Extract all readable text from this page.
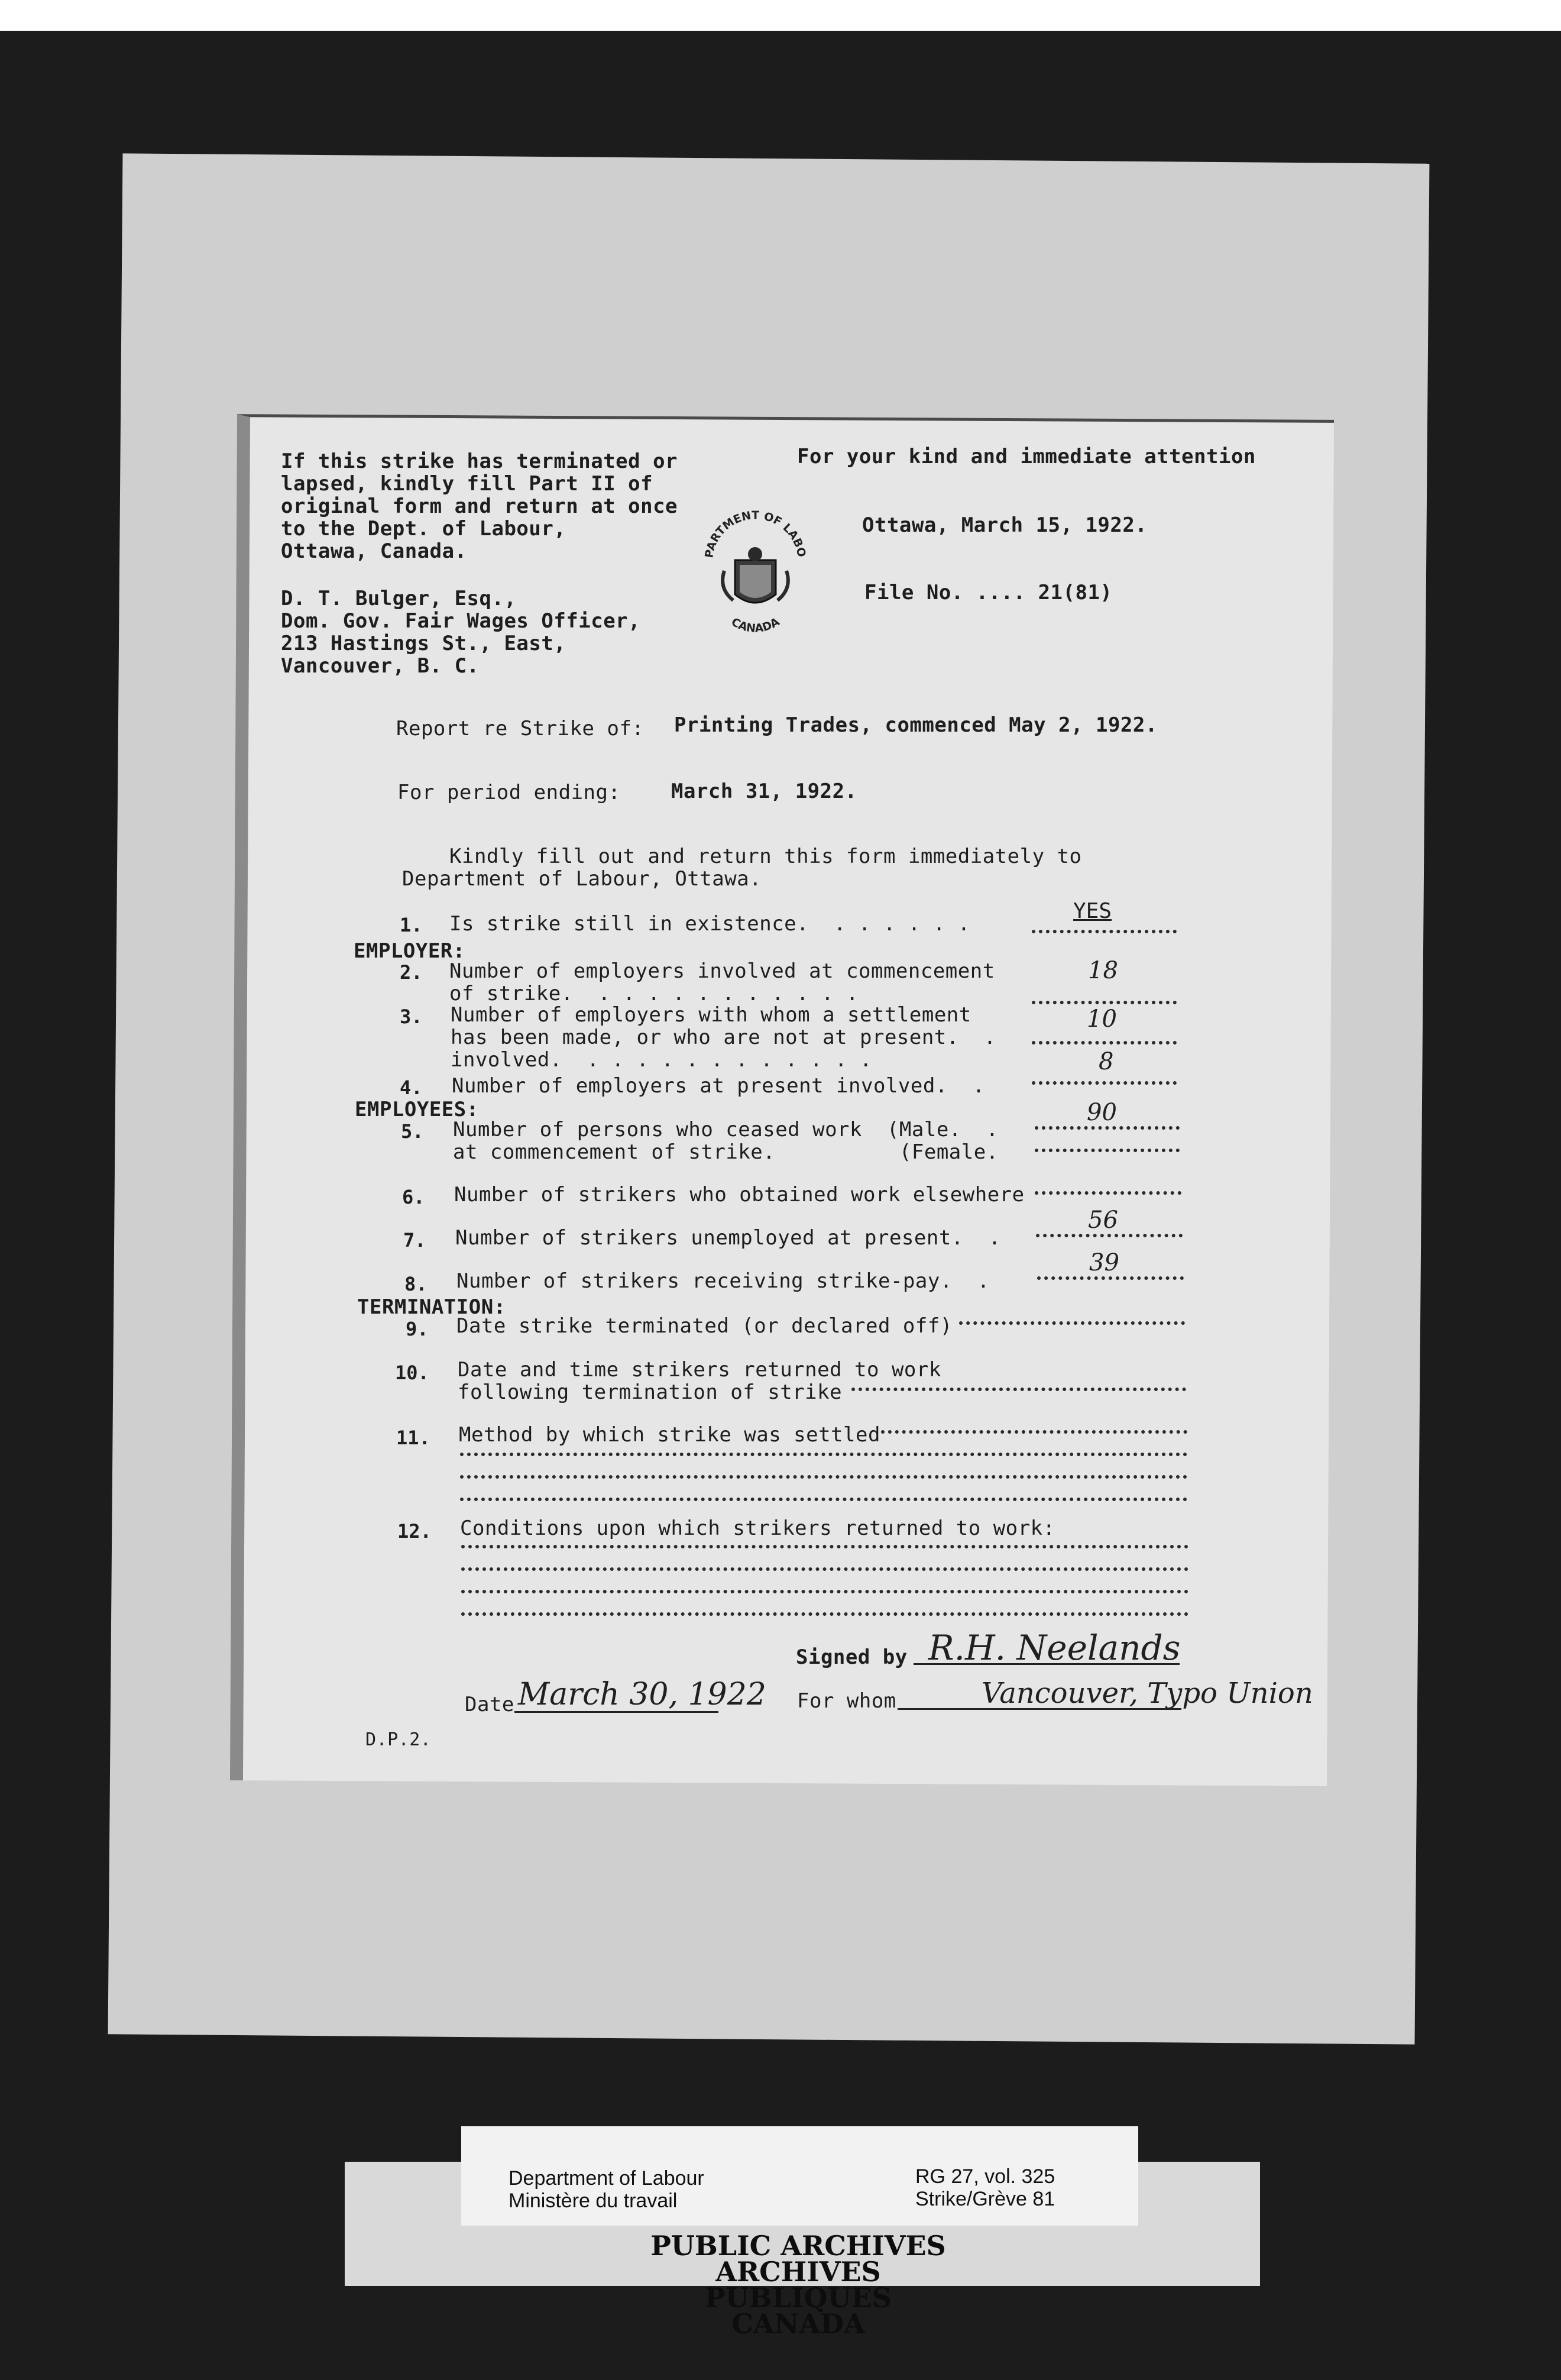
If this strike has terminated or
lapsed, kindly fill Part II of
original form and return at once
to the Dept. of Labour,
Ottawa, Canada.
For your kind and immediate attention
Ottawa, March 15, 1922.
File No. .... 21(81)
PARTMENT OF LABO
CANADA
D. T. Bulger, Esq.,
Dom. Gov. Fair Wages Officer,
213 Hastings St., East,
Vancouver, B. C.
Report re Strike of: Printing Trades, commenced May 2, 1922.
For period ending:	March 31, 1922.
Kindly fill out and return this form immediately to
Department of Labour, Ottawa.
1. Is strike still in existence.  . . . . . .
YES
EMPLOYER:
2. Number of employers involved at commencement
of strike.  . . . . . . . . . . .
18
3. Number of employers with whom a settlement
has been made, or who are not at present.  .
involved.  . . . . . . . . . . . .
10
4. Number of employers at present involved.  .
8
EMPLOYEES:
5. Number of persons who ceased work  (Male.  .
at commencement of strike.          (Female.
90
6. Number of strikers who obtained work elsewhere
7. Number of strikers unemployed at present.  .
56
8. Number of strikers receiving strike-pay.  .
39
TERMINATION:
9. Date strike terminated (or declared off)
10. Date and time strikers returned to work
following termination of strike
11. Method by which strike was settled
12. Conditions upon which strikers returned to work:
Signed by R.H. Neelands
Date March 30, 1922 For whom	Vancouver, Typo Union
D.P.2.
Department of Labour
Ministère du travail
RG 27, vol. 325
Strike/Grève 81
PUBLIC ARCHIVES
ARCHIVES PUBLIQUES
CANADA
